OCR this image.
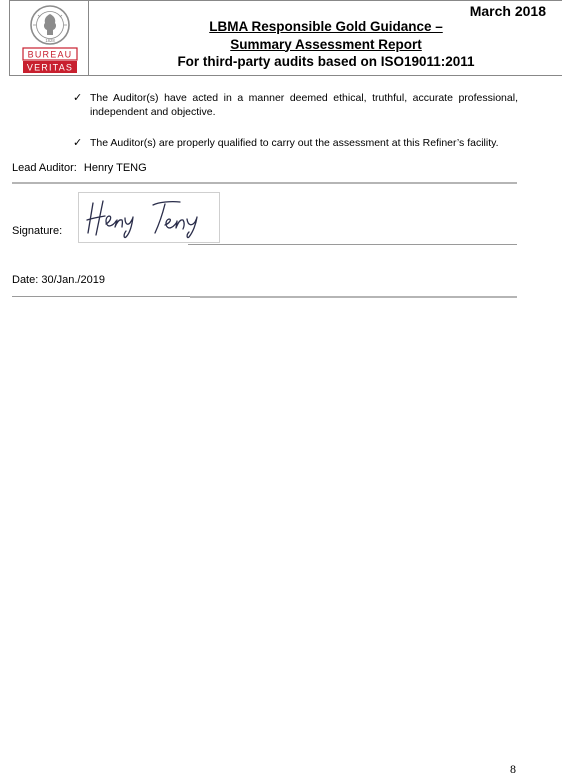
1828
BUREAU
VERITAS
March 2018
LBMA Responsible Gold Guidance –
Summary Assessment Report
For third-party audits based on ISO19011:2011
✓ The Auditor(s) have acted in a manner deemed ethical, truthful, accurate professional, independent and objective.
✓ The Auditor(s) are properly qualified to carry out the assessment at this Refiner’s facility.
Lead Auditor: Henry TENG
Signature:
Date: 30/Jan./2019
8
